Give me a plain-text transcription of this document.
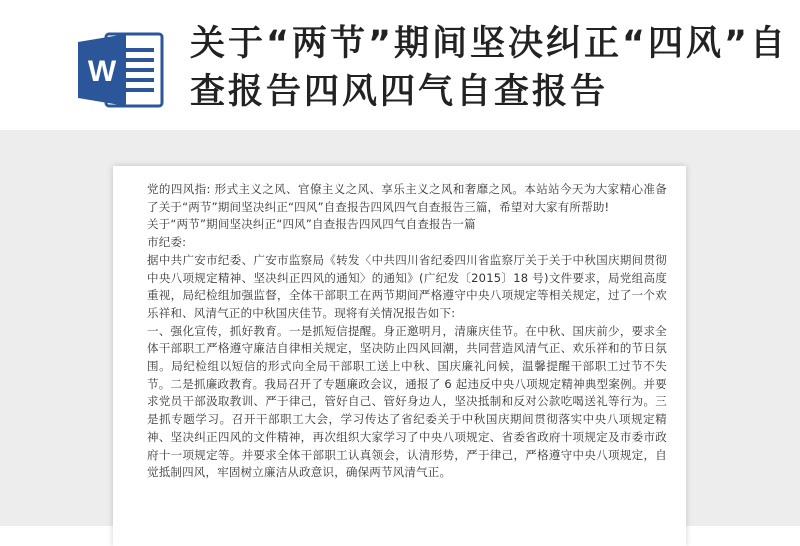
W
关于“两节”期间坚决纠正“四风”自查报告四风四气自查报告

党的四风指: 形式主义之风、官僚主义之风、享乐主义之风和奢靡之风。本站站今天为大家精心准备了关于“两节”期间坚决纠正“四风”自查报告四风四气自查报告三篇，希望对大家有所帮助!

关于“两节”期间坚决纠正“四风”自查报告四风四气自查报告一篇

市纪委:

据中共广安市纪委、广安市监察局《转发〈中共四川省纪委四川省监察厅关于关于中秋国庆期间贯彻中央八项规定精神、坚决纠正四风的通知〉的通知》(广纪发〔2015〕18 号)文件要求，局党组高度重视，局纪检组加强监督，全体干部职工在两节期间严格遵守中央八项规定等相关规定，过了一个欢乐祥和、风清气正的中秋国庆佳节。现将有关情况报告如下:

一、强化宣传，抓好教育。一是抓短信提醒。身正邀明月，清廉庆佳节。在中秋、国庆前少，要求全体干部职工严格遵守廉洁自律相关规定，坚决防止四风回潮，共同营造风清气正、欢乐祥和的节日氛围。局纪检组以短信的形式向全局干部职工送上中秋、国庆廉礼问候，温馨提醒干部职工过节不失节。二是抓廉政教育。我局召开了专题廉政会议，通报了 6 起违反中央八项规定精神典型案例。并要求党员干部汲取教训、严于律己，管好自己、管好身边人，坚决抵制和反对公款吃喝送礼等行为。三是抓专题学习。召开干部职工大会，学习传达了省纪委关于中秋国庆期间贯彻落实中央八项规定精神、坚决纠正四风的文件精神，再次组织大家学习了中央八项规定、省委省政府十项规定及市委市政府十一项规定等。并要求全体干部职工认真领会，认清形势，严于律己，严格遵守中央八项规定，自觉抵制四风，牢固树立廉洁从政意识，确保两节风清气正。
